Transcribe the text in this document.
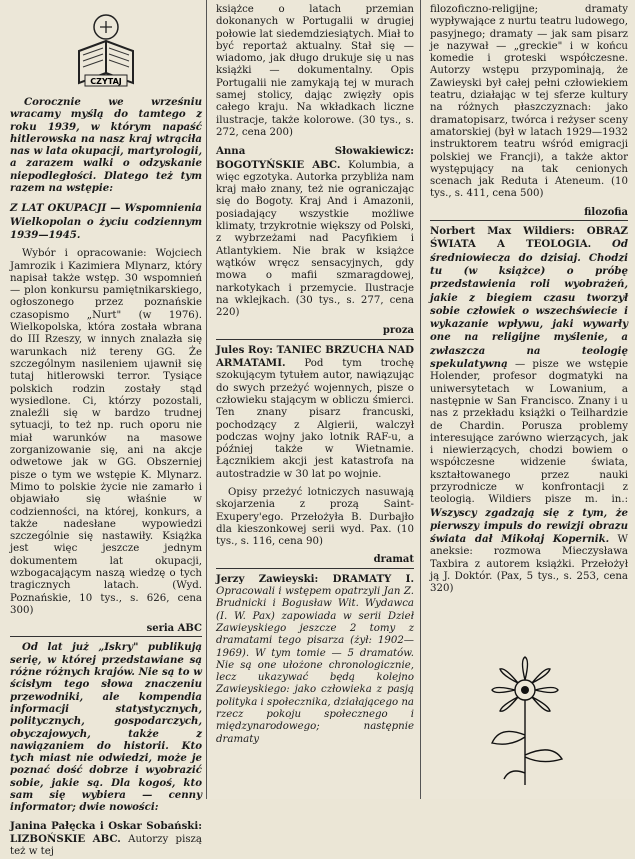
CZYTAJ

Corocznie we wrześniu wracamy myślą do tamtego z roku 1939, w którym napaść hitlerowska na nasz kraj wtrąciła nas w lata okupacji, martyrologii, a zarazem walki o odzyskanie niepodległości. Dlatego też tym razem na wstępie:

Z LAT OKUPACJI — Wspomnienia Wielkopolan o życiu codziennym 1939—1945.

Wybór i opracowanie: Wojciech Jamrozik i Kazimiera Mlynarz, który napisał także wstęp. 30 wspomnień — plon konkursu pamiętnikarskiego, ogłoszonego przez poznańskie czasopismo „Nurt" (w 1976). Wielkopolska, która została wbrana do III Rzeszy, w innych znalazła się warunkach niż tereny GG. Że szczególnym nasileniem ujawnił się tutaj hitlerowski terror. Tysiące polskich rodzin zostały stąd wysiedlone. Ci, którzy pozostali, znaleźli się w bardzo trudnej sytuacji, to też np. ruch oporu nie miał warunków na masowe zorganizowanie się, ani na akcje odwetowe jak w GG. Obszerniej pisze o tym we wstępie K. Mlynarz. Mimo to polskie życie nie zamarło i objawiało się właśnie w codzienności, na której, konkurs, a także nadesłane wypowiedzi szczególnie się nastawiły. Książka jest więc jeszcze jednym dokumentem lat okupacji, wzbogacającym naszą wiedzę o tych tragicznych latach. (Wyd. Poznańskie, 10 tys., s. 626, cena 300)

seria ABC

Od lat już „Iskry" publikują serię, w której przedstawiane są różne różnych krajów. Nie są to w ścisłym tego słowa znaczeniu przewodniki, ale kompendia informacji statystycznych, politycznych, gospodarczych, obyczajowych, także z nawiązaniem do historii. Kto tych miast nie odwiedzi, może je poznać dość dobrze i wyobrazić sobie, jakie są. Dla kogoś, kto sam się wybiera — cenny informator; dwie nowości:

Janina Pałęcka i Oskar Sobański: LIZBOŃSKIE ABC. Autorzy piszą też w tej

książce o latach przemian dokonanych w Portugalii w drugiej połowie lat siedemdziesiątych. Miał to być reportaż aktualny. Stał się — wiadomo, jak długo drukuje się u nas książki — dokumentalny. Opis Portugalii nie zamykają tej w murach samej stolicy, dając zwięzły opis całego kraju. Na wkładkach liczne ilustracje, także kolorowe. (30 tys., s. 272, cena 200)

Anna Słowakiewicz: BOGOTYŃSKIE ABC. Kolumbia, a więc egzotyka. Autorka przybliża nam kraj mało znany, też nie ograniczając się do Bogoty. Kraj And i Amazonii, posiadający wszystkie możliwe klimaty, trzykrotnie większy od Polski, z wybrzeżami nad Pacyfikiem i Atlantykiem. Nie brak w książce wątków wręcz sensacyjnych, gdy mowa o mafii szmaragdowej, narkotykach i przemycie. Ilustracje na wklejkach. (30 tys., s. 277, cena 220)

proza

Jules Roy: TANIEC BRZUCHA NAD ARMATAMI. Pod tym trochę szokującym tytułem autor, nawiązując do swych przeżyć wojennych, pisze o człowieku stającym w obliczu śmierci. Ten znany pisarz francuski, pochodzący z Algierii, walczył podczas wojny jako lotnik RAF-u, a później także w Wietnamie. Łącznikiem akcji jest katastrofa na autostradzie w 30 lat po wojnie.

Opisy przeżyć lotniczych nasuwają skojarzenia z prozą Saint-Exupery'ego. Przełożyła B. Durbajło dla kieszonkowej serii wyd. Pax. (10 tys., s. 116, cena 90)

dramat

Jerzy Zawieyski: DRAMATY I. Opracowali i wstępem opatrzyli Jan Z. Brudnicki i Bogusław Wit. Wydawca (I. W. Pax) zapowiada w serii Dzieł Zawieyskiego jeszcze 2 tomy z dramatami tego pisarza (żył: 1902—1969). W tym tomie — 5 dramatów. Nie są one ułożone chronologicznie, lecz ukazywać będą kolejno Zawieyskiego: jako człowieka z pasją polityka i społecznika, działającego na rzecz pokoju społecznego i międzynarodowego; następnie dramaty

filozoficzno-religijne; dramaty wypływające z nurtu teatru ludowego, pasyjnego; dramaty — jak sam pisarz je nazywał — „greckie" i w końcu komedie i groteski współczesne. Autorzy wstępu przypominają, że Zawieyski był całej pełni człowiekiem teatru, działając w tej sferze kultury na różnych płaszczyznach: jako dramatopisarz, twórca i reżyser sceny amatorskiej (był w latach 1929—1932 instruktorem teatru wśród emigracji polskiej we Francji), a także aktor występujący na tak cenionych scenach jak Reduta i Ateneum. (10 tys., s. 411, cena 500)

filozofia

Norbert Max Wildiers: OBRAZ ŚWIATA A TEOLOGIA. Od średniowiecza do dzisiaj. Chodzi tu (w książce) o próbę przedstawienia roli wyobrażeń, jakie z biegiem czasu tworzył sobie człowiek o wszechświecie i wykazanie wpływu, jaki wywarły one na religijne myślenie, a zwłaszcza na teologię spekulatywną — pisze we wstępie Holender, profesor dogmatyki na uniwersytetach w Lowanium, a następnie w San Francisco. Znany i u nas z przekładu książki o Teilhardzie de Chardin. Porusza problemy interesujące zarówno wierzących, jak i niewierzących, chodzi bowiem o współczesne widzenie świata, kształtowanego przez nauki przyrodnicze w konfrontacji z teologią. Wildiers pisze m. in.: Wszyscy zgadzają się z tym, że pierwszy impuls do rewizji obrazu świata dał Mikołaj Kopernik. W aneksie: rozmowa Mieczysława Taxbira z autorem książki. Przełożył ją J. Doktór. (Pax, 5 tys., s. 253, cena 320)
